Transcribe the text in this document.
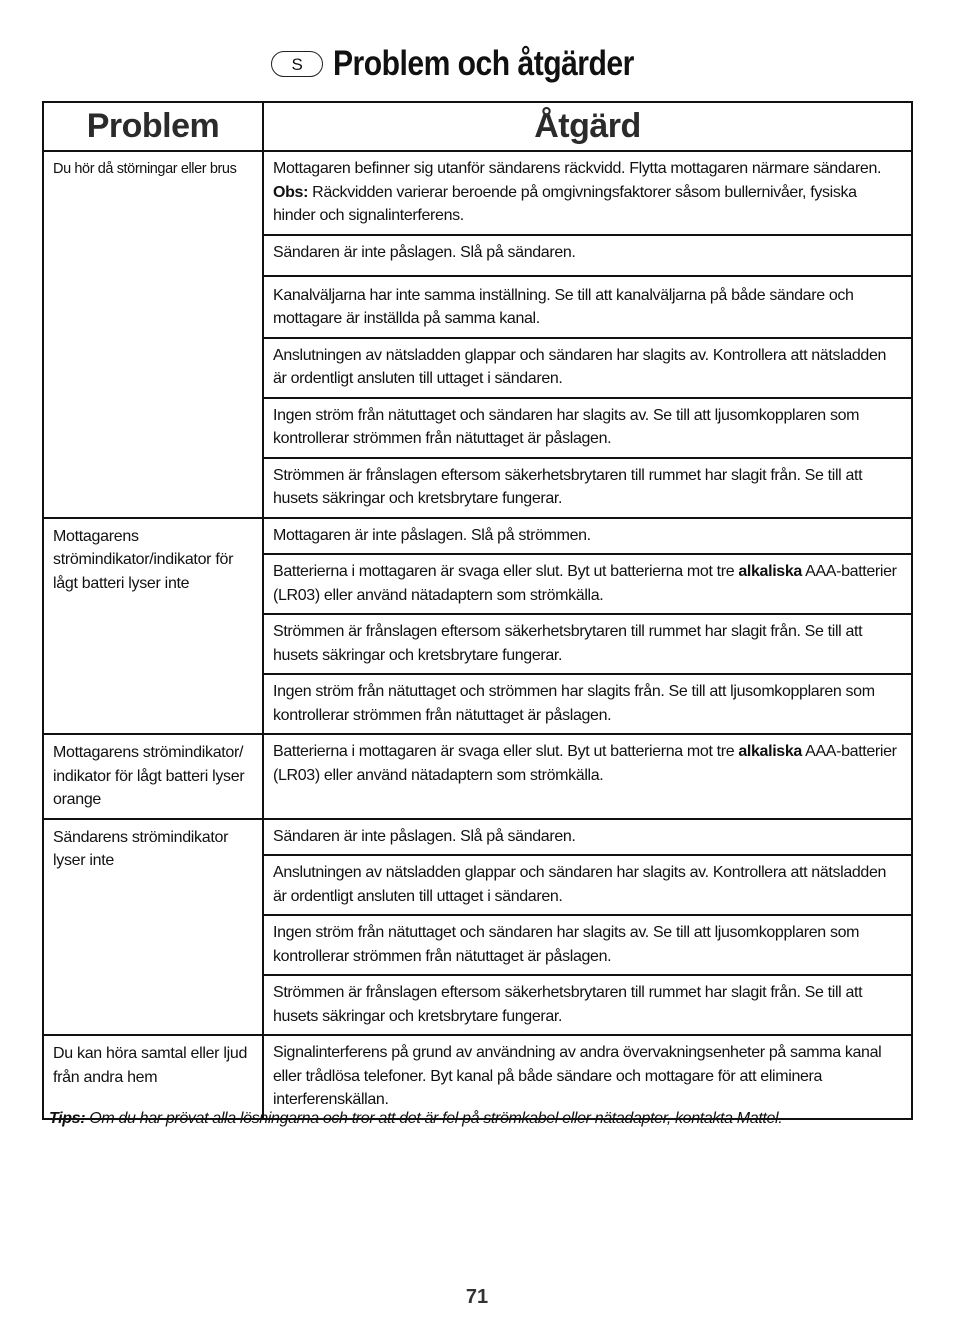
S Problem och åtgärder
Problem	Åtgärd
Du hör då störningar eller brus	Mottagaren befinner sig utanför sändarens räckvidd. Flytta mottagaren närmare sändaren.
Obs: Räckvidden varierar beroende på omgivningsfaktorer såsom bullernivåer, fysiska hinder och signalinterferens.
	Sändaren är inte påslagen. Slå på sändaren.
	Kanalväljarna har inte samma inställning. Se till att kanalväljarna på både sändare och mottagare är inställda på samma kanal.
	Anslutningen av nätsladden glappar och sändaren har slagits av. Kontrollera att nätsladden är ordentligt ansluten till uttaget i sändaren.
	Ingen ström från nätuttaget och sändaren har slagits av. Se till att ljusomkopplaren som kontrollerar strömmen från nätuttaget är påslagen.
	Strömmen är frånslagen eftersom säkerhetsbrytaren till rummet har slagit från. Se till att husets säkringar och kretsbrytare fungerar.
Mottagarens strömindikator/indikator för lågt batteri lyser inte	Mottagaren är inte påslagen. Slå på strömmen.
	Batterierna i mottagaren är svaga eller slut. Byt ut batterierna mot tre alkaliska AAA-batterier (LR03) eller använd nätadaptern som strömkälla.
	Strömmen är frånslagen eftersom säkerhetsbrytaren till rummet har slagit från. Se till att husets säkringar och kretsbrytare fungerar.
	Ingen ström från nätuttaget och strömmen har slagits från. Se till att ljusomkopplaren som kontrollerar strömmen från nätuttaget är påslagen.
Mottagarens strömindikator/ indikator för lågt batteri lyser orange	Batterierna i mottagaren är svaga eller slut. Byt ut batterierna mot tre alkaliska AAA-batterier (LR03) eller använd nätadaptern som strömkälla.
Sändarens strömindikator lyser inte	Sändaren är inte påslagen. Slå på sändaren.
	Anslutningen av nätsladden glappar och sändaren har slagits av. Kontrollera att nätsladden är ordentligt ansluten till uttaget i sändaren.
	Ingen ström från nätuttaget och sändaren har slagits av. Se till att ljusomkopplaren som kontrollerar strömmen från nätuttaget är påslagen.
	Strömmen är frånslagen eftersom säkerhetsbrytaren till rummet har slagit från. Se till att husets säkringar och kretsbrytare fungerar.
Du kan höra samtal eller ljud från andra hem	Signalinterferens på grund av användning av andra övervakningsenheter på samma kanal eller trådlösa telefoner. Byt kanal på både sändare och mottagare för att eliminera interferenskällan.
Tips: Om du har prövat alla lösningarna och tror att det är fel på strömkabel eller nätadapter, kontakta Mattel.
71
